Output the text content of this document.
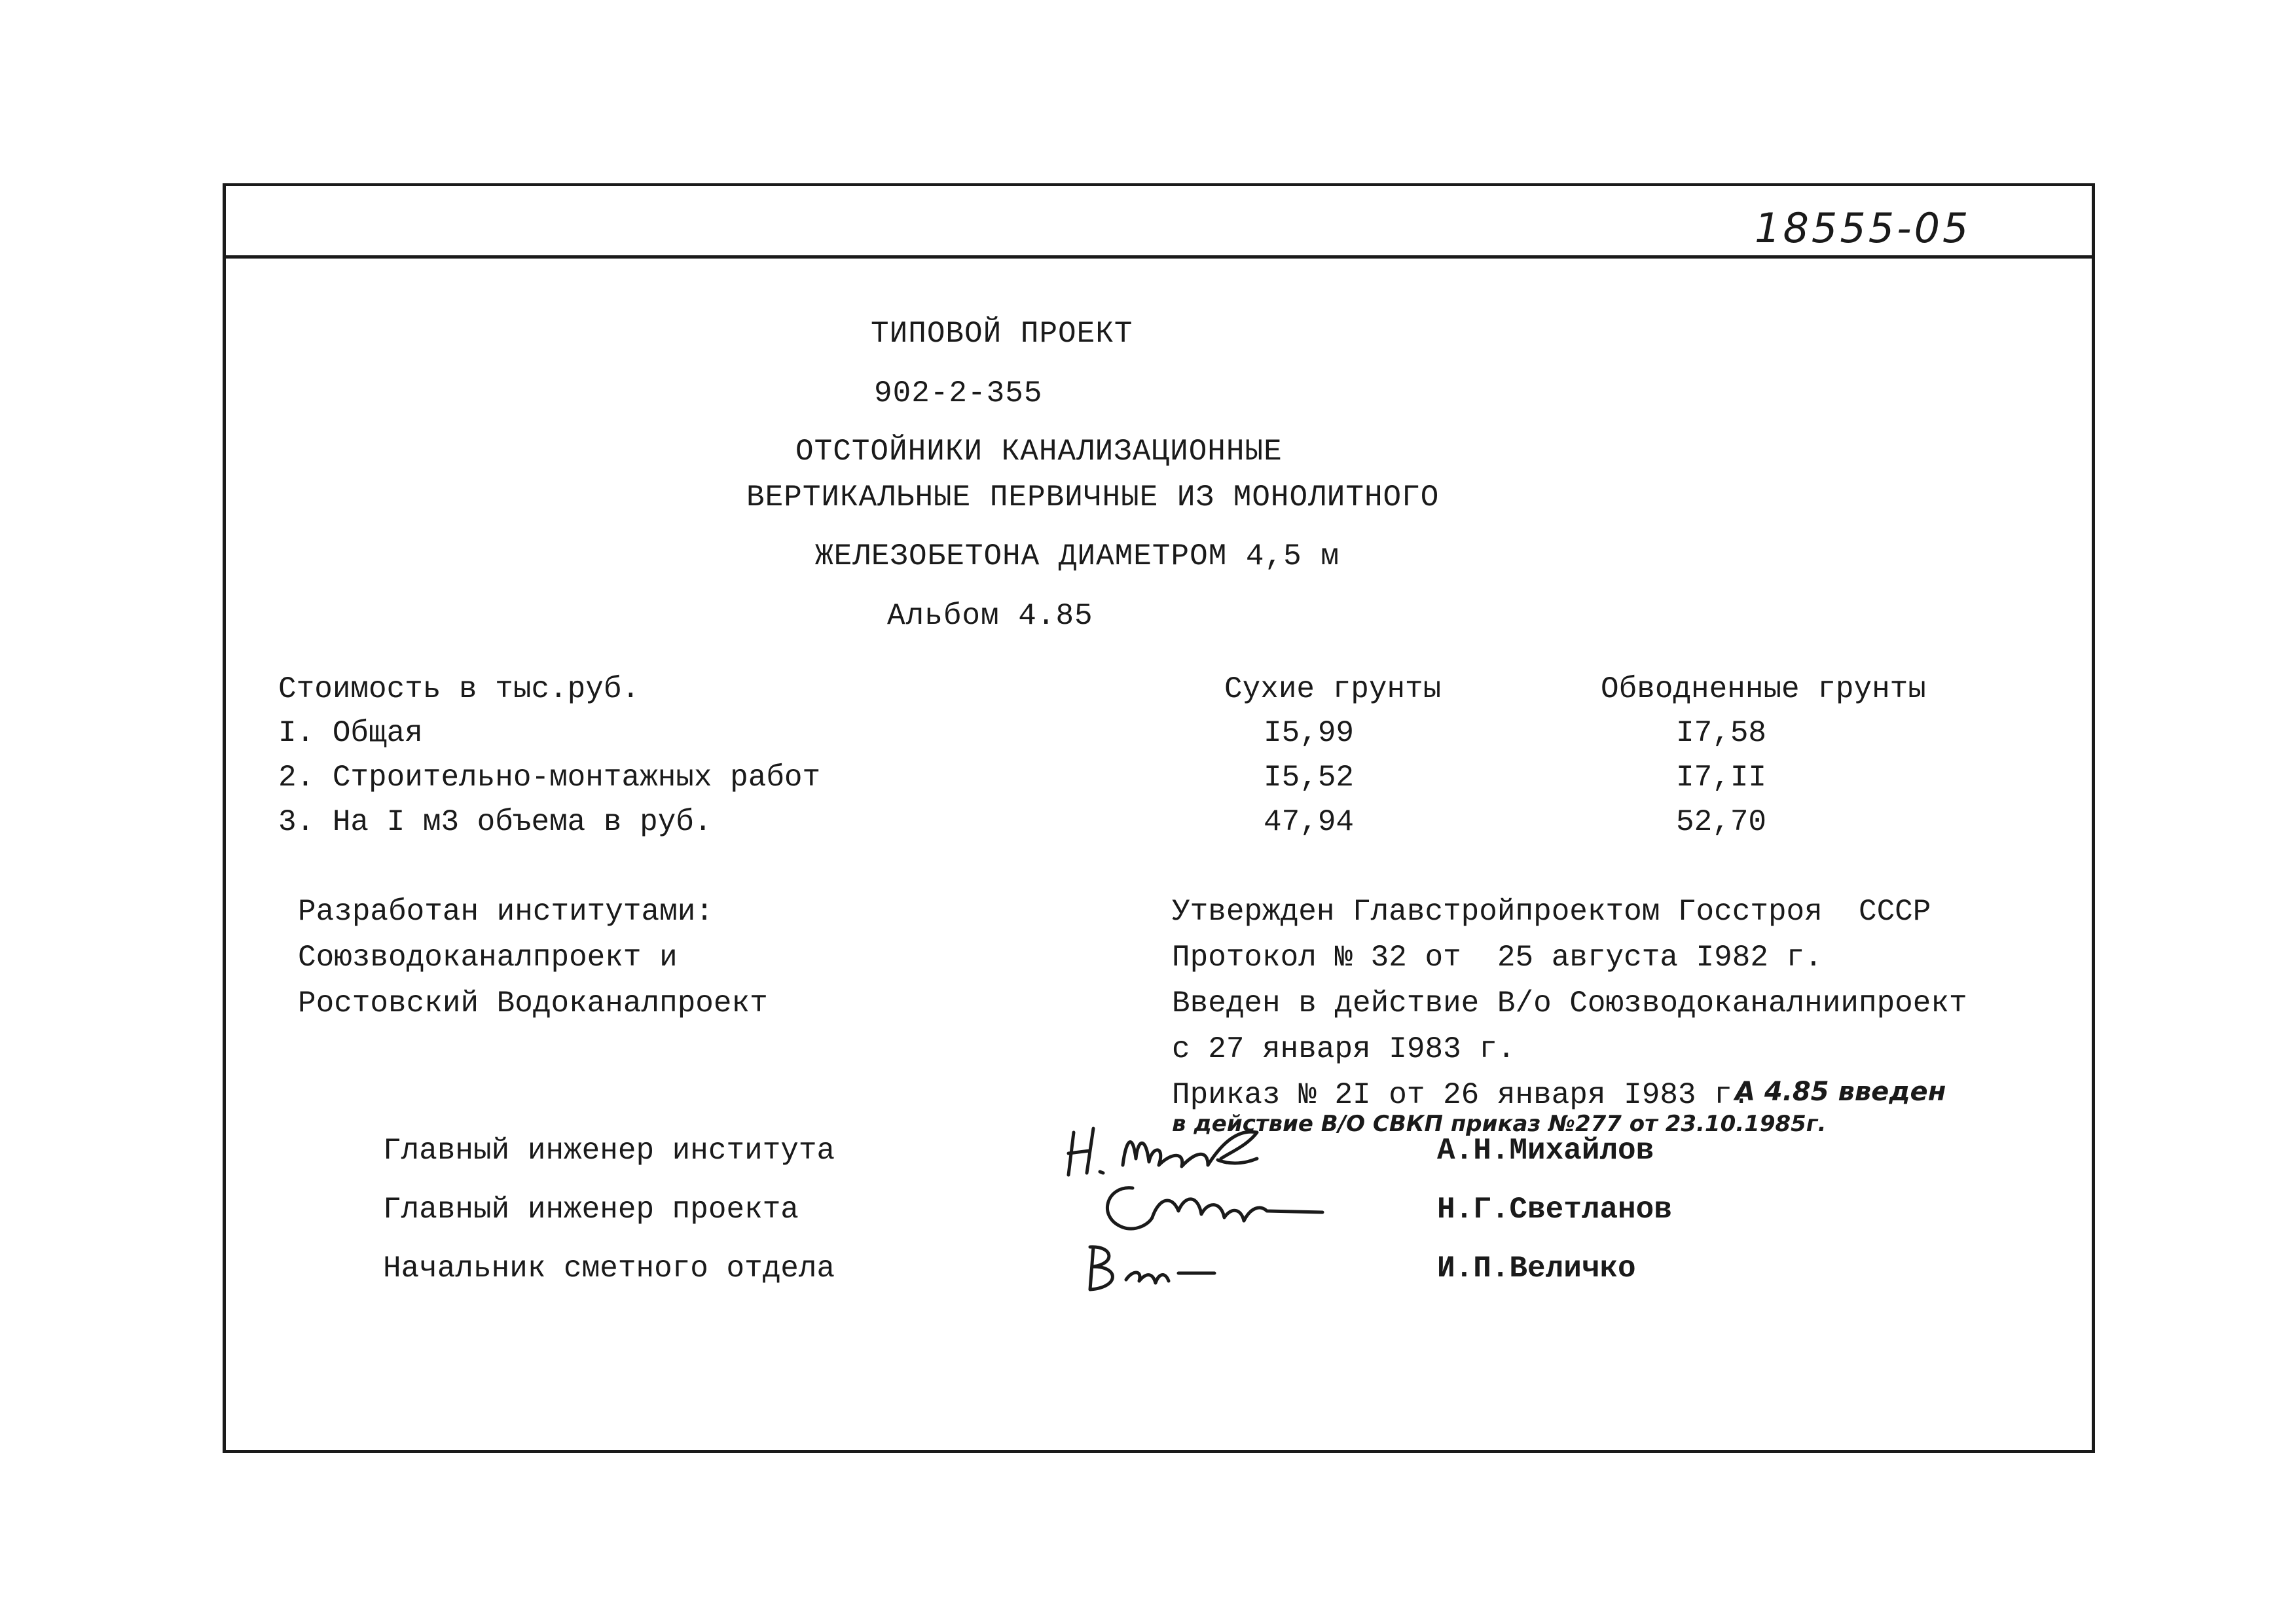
18555-05
ТИПОВОЙ ПРОЕКТ
902-2-355
ОТСТОЙНИКИ КАНАЛИЗАЦИОННЫЕ
ВЕРТИКАЛЬНЫЕ ПЕРВИЧНЫЕ ИЗ МОНОЛИТНОГО
ЖЕЛЕЗОБЕТОНА ДИАМЕТРОМ 4,5 м
Альбом 4.85
Стоимость в тыс.руб.	Сухие грунты	Обводненные грунты
I. Общая	I5,99	I7,58
2. Строительно-монтажных работ	I5,52	I7,II
3. На I м3 объема в руб.	47,94	52,70
Разработан институтами:
Союзводоканалпроект и
Ростовский Водоканалпроект
Утвержден Главстройпроектом Госстроя  СССР
Протокол № 32 от  25 августа I982 г.
Введен в действие В/о Союзводоканалниипроект
с 27 января I983 г.
Приказ № 2I от 26 января I983 г.
А 4.85 введен
в действие В/О СВКП приказ №277 от 23.10.1985г.
Главный инженер института	А.Н.Михайлов
Главный инженер проекта	Н.Г.Светланов
Начальник сметного отдела	И.П.Величко
